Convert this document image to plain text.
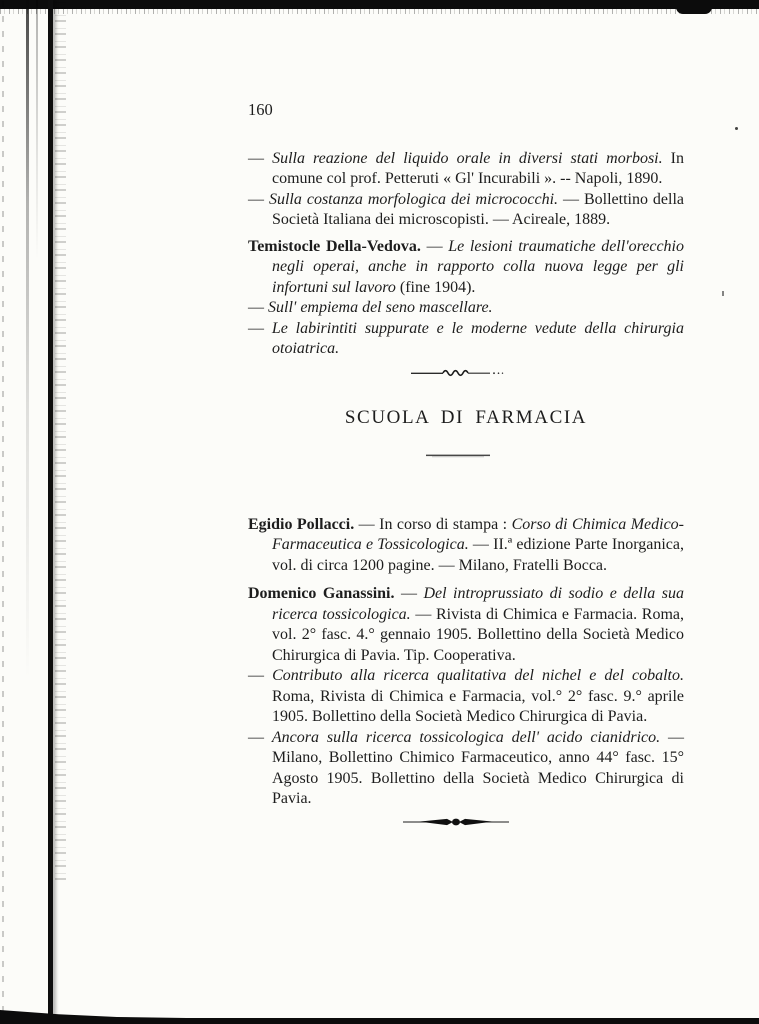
160

— Sulla reazione del liquido orale in diversi stati morbosi. In comune col prof. Petteruti « Gl' Incurabili ». -- Napoli, 1890.

— Sulla costanza morfologica dei micrococchi. — Bollettino della Società Italiana dei microscopisti. — Acireale, 1889.

Temistocle Della-Vedova. — Le lesioni traumatiche dell'orecchio negli operai, anche in rapporto colla nuova legge per gli infortuni sul lavoro (fine 1904).

— Sull' empiema del seno mascellare.

— Le labirintiti suppurate e le moderne vedute della chirurgia otoiatrica.

SCUOLA DI FARMACIA

Egidio Pollacci. — In corso di stampa : Corso di Chimica Medico-Farmaceutica e Tossicologica. — II.ª edizione Parte Inorganica, vol. di circa 1200 pagine. — Milano, Fratelli Bocca.

Domenico Ganassini. — Del introprussiato di sodio e della sua ricerca tossicologica. — Rivista di Chimica e Farmacia. Roma, vol. 2° fasc. 4.° gennaio 1905. Bollettino della Società Medico Chirurgica di Pavia. Tip. Cooperativa.

— Contributo alla ricerca qualitativa del nichel e del cobalto. Roma, Rivista di Chimica e Farmacia, vol.° 2° fasc. 9.° aprile 1905. Bollettino della Società Medico Chirurgica di Pavia.

— Ancora sulla ricerca tossicologica dell' acido cianidrico. — Milano, Bollettino Chimico Farmaceutico, anno 44° fasc. 15° Agosto 1905. Bollettino della Società Medico Chirurgica di Pavia.
